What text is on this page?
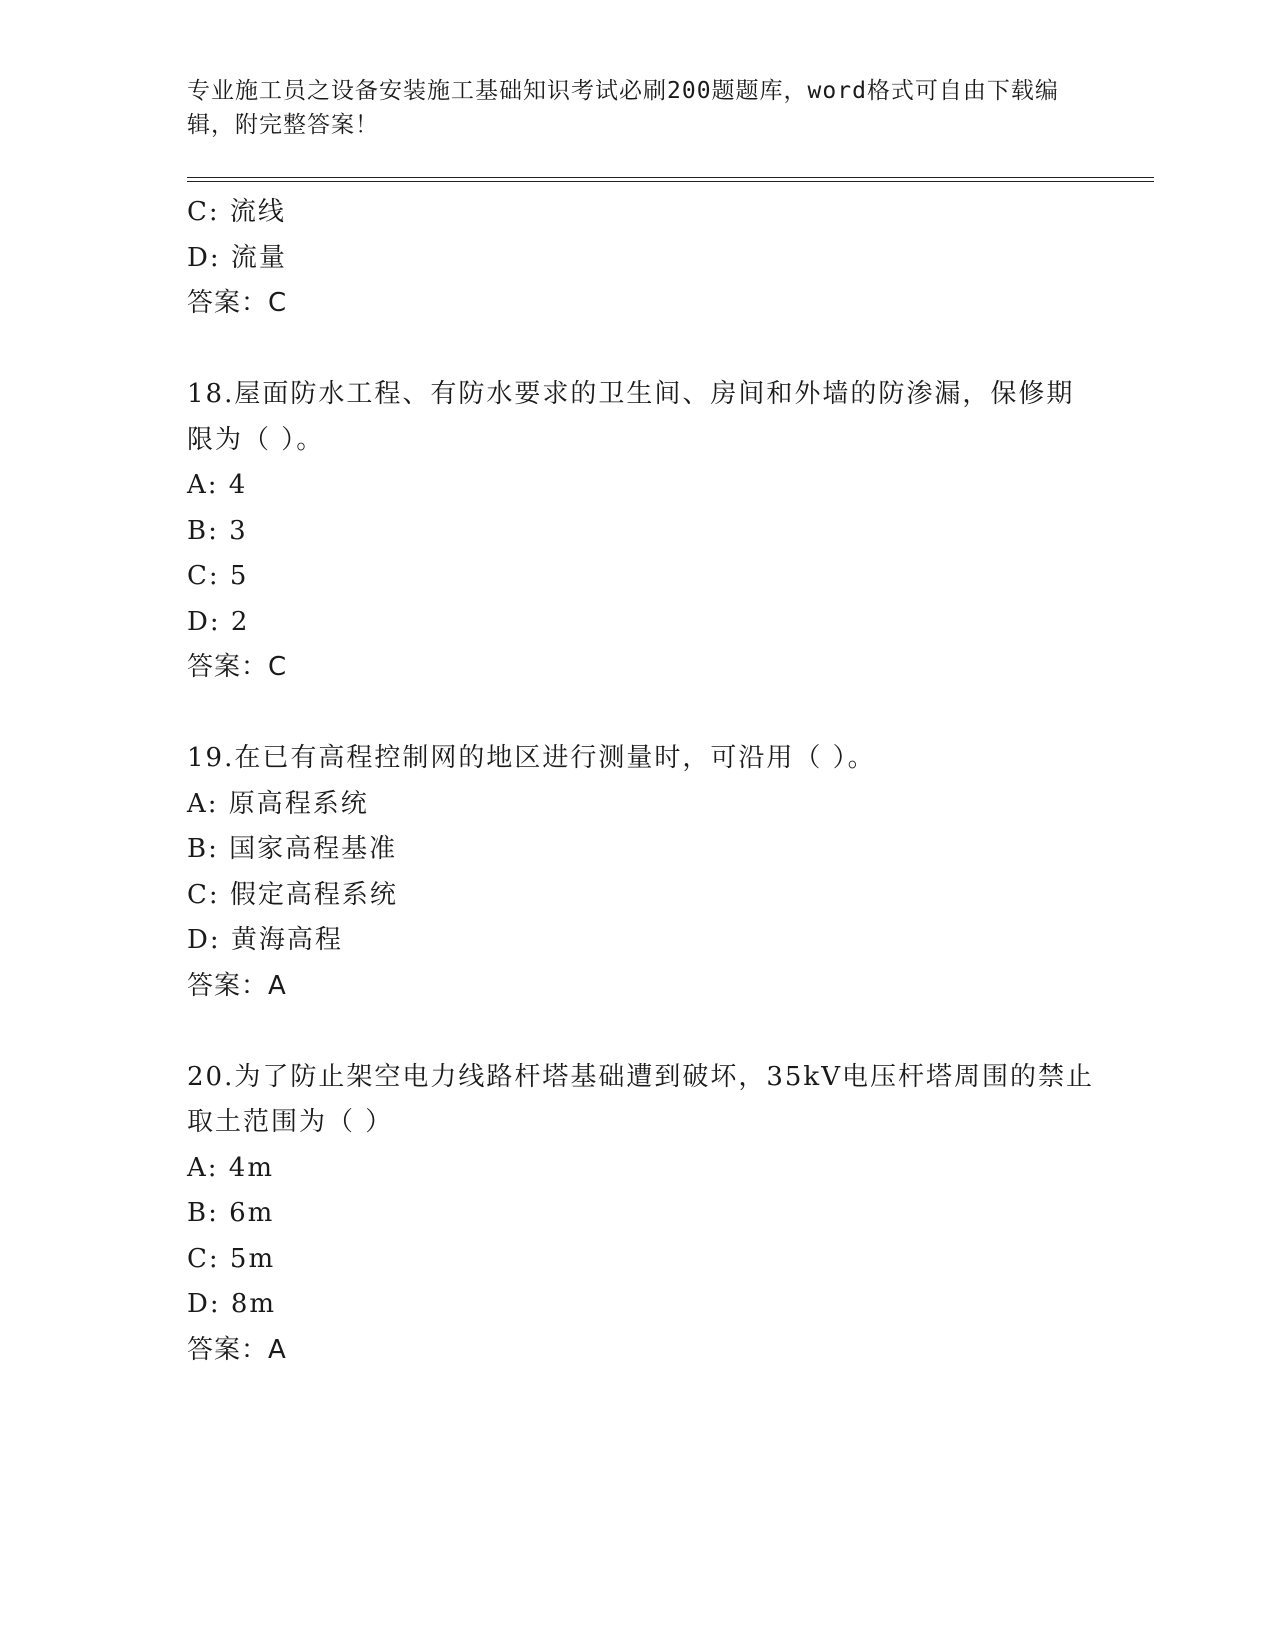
专业施工员之设备安装施工基础知识考试必刷200题题库，word格式可自由下载编辑，附完整答案！
C: 流线
D: 流量
答案：C
18.屋面防水工程、有防水要求的卫生间、房间和外墙的防渗漏，保修期限为（ ）。
A: 4
B: 3
C: 5
D: 2
答案：C
19.在已有高程控制网的地区进行测量时，可沿用（ ）。
A: 原高程系统
B: 国家高程基准
C: 假定高程系统
D: 黄海高程
答案：A
20.为了防止架空电力线路杆塔基础遭到破坏，35kV电压杆塔周围的禁止取土范围为（ ）
A: 4m
B: 6m
C: 5m
D: 8m
答案：A
